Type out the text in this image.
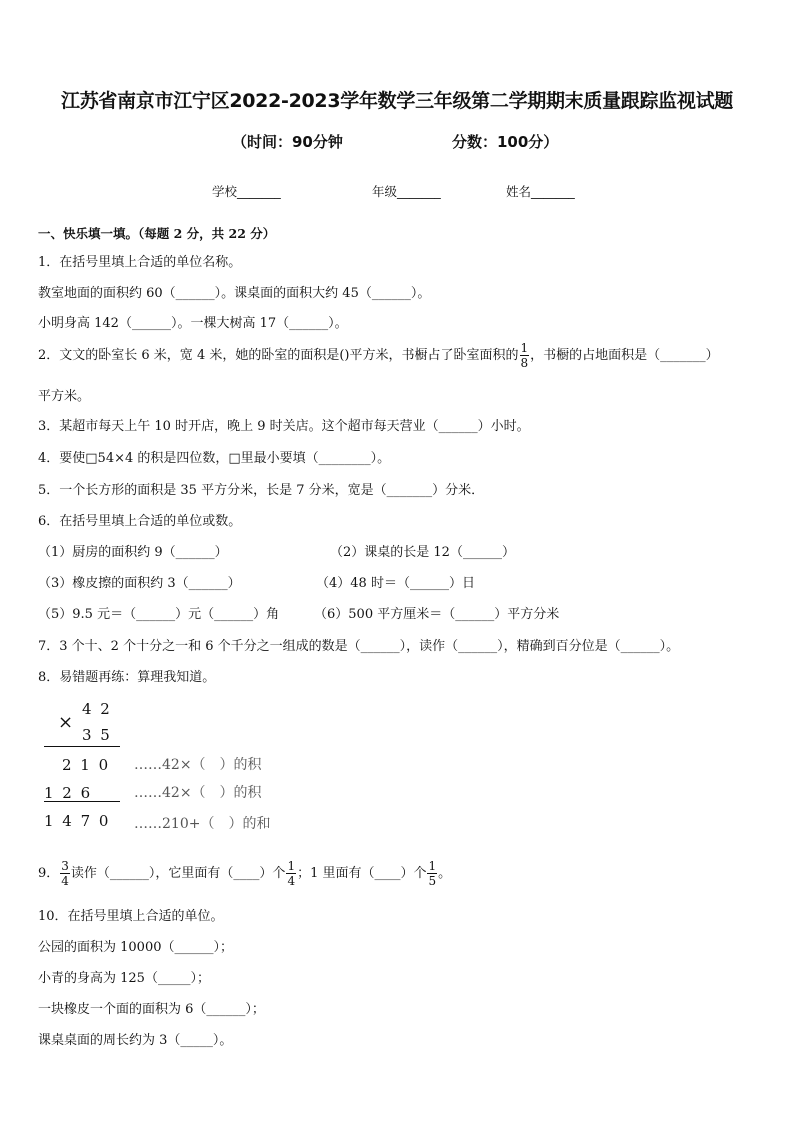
江苏省南京市江宁区2022-2023学年数学三年级第二学期期末质量跟踪监视试题
（时间：90分钟	分数：100分）
学校_______	年级_______	姓名_______
一、快乐填一填。（每题 2 分，共 22 分）
1．在括号里填上合适的单位名称。
教室地面的面积约 60（______）。课桌面的面积大约 45（______）。
小明身高 142（______）。一棵大树高 17（______）。
2．文文的卧室长 6 米，宽 4 米，她的卧室的面积是()平方米，书橱占了卧室面积的 $\frac{1}{8}$ ，书橱的占地面积是（_______）
平方米。
3．某超市每天上午 10 时开店，晚上 9 时关店。这个超市每天营业（______）小时。
4．要使□54×4 的积是四位数，□里最小要填（________）。
5．一个长方形的面积是 35 平方分米，长是 7 分米，宽是（_______）分米．
6．在括号里填上合适的单位或数。
（1）厨房的面积约 9（______）	（2）课桌的长是 12（______）
（3）橡皮擦的面积约 3（______）	（4）48 时＝（______）日
（5）9.5 元＝（______）元（______）角	（6）500 平方厘米＝（______）平方分米
7．3 个十、2 个十分之一和 6 个千分之一组成的数是（______），读作（______），精确到百分位是（______）。
8．易错题再练：算理我知道。
×
4 2
3 5
2 1 0 ……42×（　）的积
1 2 6	……42×（　）的积
1 4 7 0 ……210+（　）的和
9． $\frac{3}{4}$ 读作（______），它里面有（____）个 $\frac{1}{4}$ ；1 里面有（____）个 $\frac{1}{5}$ 。
10．在括号里填上合适的单位。
公园的面积为 10000（______）；
小青的身高为 125（_____）；
一块橡皮一个面的面积为 6（______）；
课桌桌面的周长约为 3（_____）。
